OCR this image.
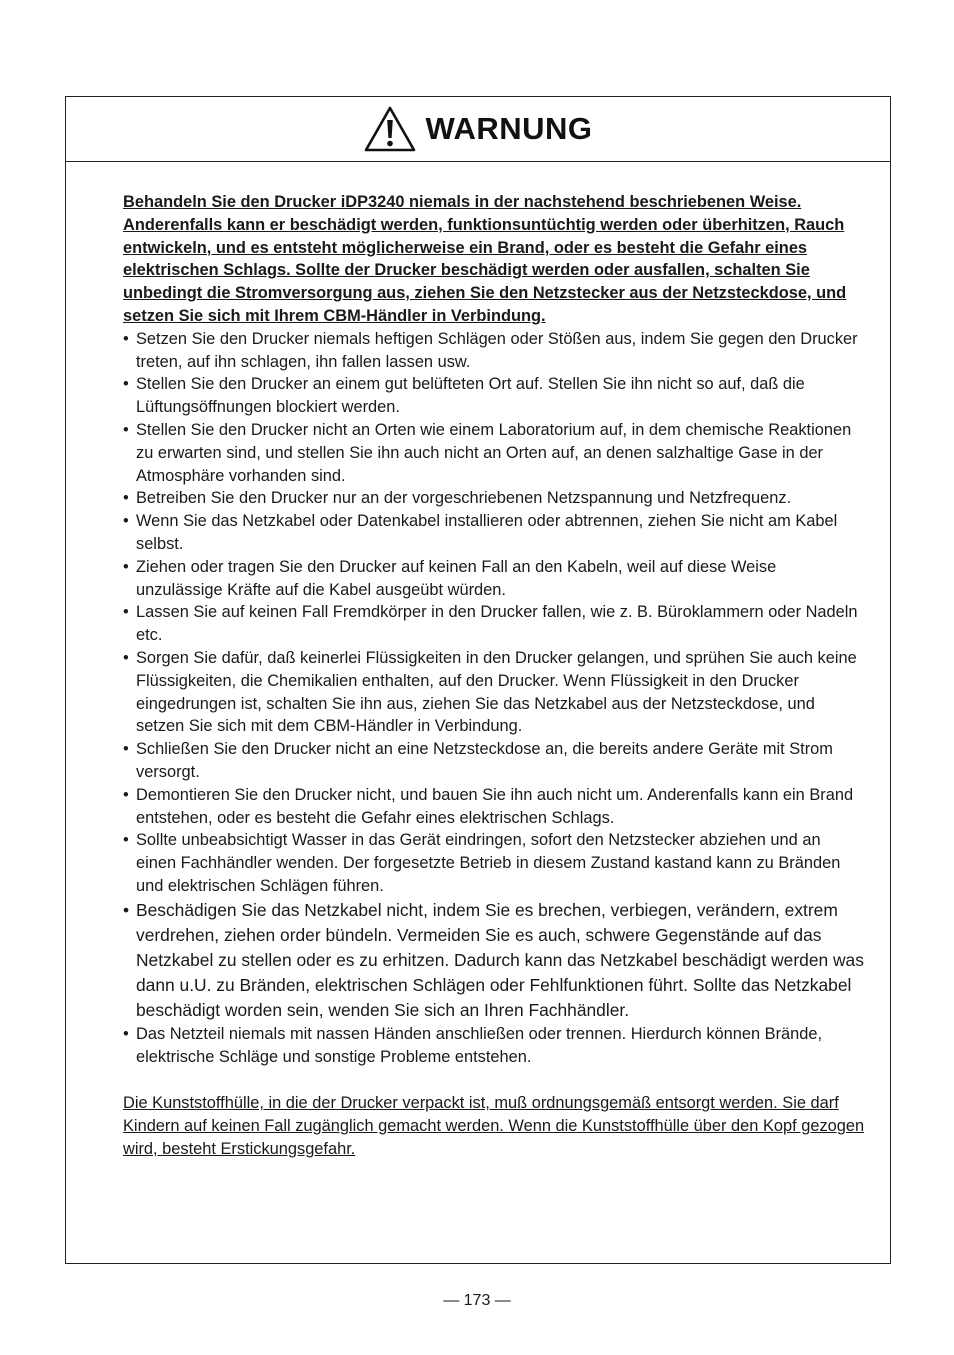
WARNUNG

Behandeln Sie den Drucker iDP3240 niemals in der nachstehend beschriebenen Weise. Anderenfalls kann er beschädigt werden, funktionsuntüchtig werden oder überhitzen, Rauch entwickeln, und es entsteht möglicherweise ein Brand, oder es besteht die Gefahr eines elektrischen Schlags. Sollte der Drucker beschädigt werden oder ausfallen, schalten Sie unbedingt die Stromversorgung aus, ziehen Sie den Netzstecker aus der Netzsteckdose, und setzen Sie sich mit Ihrem CBM-Händler in Verbindung.

• Setzen Sie den Drucker niemals heftigen Schlägen oder Stößen aus, indem Sie gegen den Drucker treten, auf ihn schlagen, ihn fallen lassen usw.
• Stellen Sie den Drucker an einem gut belüfteten Ort auf. Stellen Sie ihn nicht so auf, daß die Lüftungsöffnungen blockiert werden.
• Stellen Sie den Drucker nicht an Orten wie einem Laboratorium auf, in dem chemische Reaktionen zu erwarten sind, und stellen Sie ihn auch nicht an Orten auf, an denen salzhaltige Gase in der Atmosphäre vorhanden sind.
• Betreiben Sie den Drucker nur an der vorgeschriebenen Netzspannung und Netzfrequenz.
• Wenn Sie das Netzkabel oder Datenkabel installieren oder abtrennen, ziehen Sie nicht am Kabel selbst.
• Ziehen oder tragen Sie den Drucker auf keinen Fall an den Kabeln, weil auf diese Weise unzulässige Kräfte auf die Kabel ausgeübt würden.
• Lassen Sie auf keinen Fall Fremdkörper in den Drucker fallen, wie z. B. Büroklammern oder Nadeln etc.
• Sorgen Sie dafür, daß keinerlei Flüssigkeiten in den Drucker gelangen, und sprühen Sie auch keine Flüssigkeiten, die Chemikalien enthalten, auf den Drucker. Wenn Flüssigkeit in den Drucker eingedrungen ist, schalten Sie ihn aus, ziehen Sie das Netzkabel aus der Netzsteckdose, und setzen Sie sich mit dem CBM-Händler in Verbindung.
• Schließen Sie den Drucker nicht an eine Netzsteckdose an, die bereits andere Geräte mit Strom versorgt.
• Demontieren Sie den Drucker nicht, und bauen Sie ihn auch nicht um. Anderenfalls kann ein Brand entstehen, oder es besteht die Gefahr eines elektrischen Schlags.
• Sollte unbeabsichtigt Wasser in das Gerät eindringen, sofort den Netzstecker abziehen und an einen Fachhändler wenden. Der forgesetzte Betrieb in diesem Zustand kastand kann zu Bränden und elektrischen Schlägen führen.
• Beschädigen Sie das Netzkabel nicht, indem Sie es brechen, verbiegen, verändern, extrem verdrehen, ziehen order bündeln. Vermeiden Sie es auch, schwere Gegenstände auf das Netzkabel zu stellen oder es zu erhitzen. Dadurch kann das Netzkabel beschädigt werden was dann u.U. zu Bränden, elektrischen Schlägen oder Fehlfunktionen führt. Sollte das Netzkabel beschädigt worden sein, wenden Sie sich an Ihren Fachhändler.
• Das Netzteil niemals mit nassen Händen anschließen oder trennen. Hierdurch können Brände, elektrische Schläge und sonstige Probleme entstehen.

Die Kunststoffhülle, in die der Drucker verpackt ist, muß ordnungsgemäß entsorgt werden. Sie darf Kindern auf keinen Fall zugänglich gemacht werden. Wenn die Kunststoffhülle über den Kopf gezogen wird, besteht Erstickungsgefahr.

— 173 —
